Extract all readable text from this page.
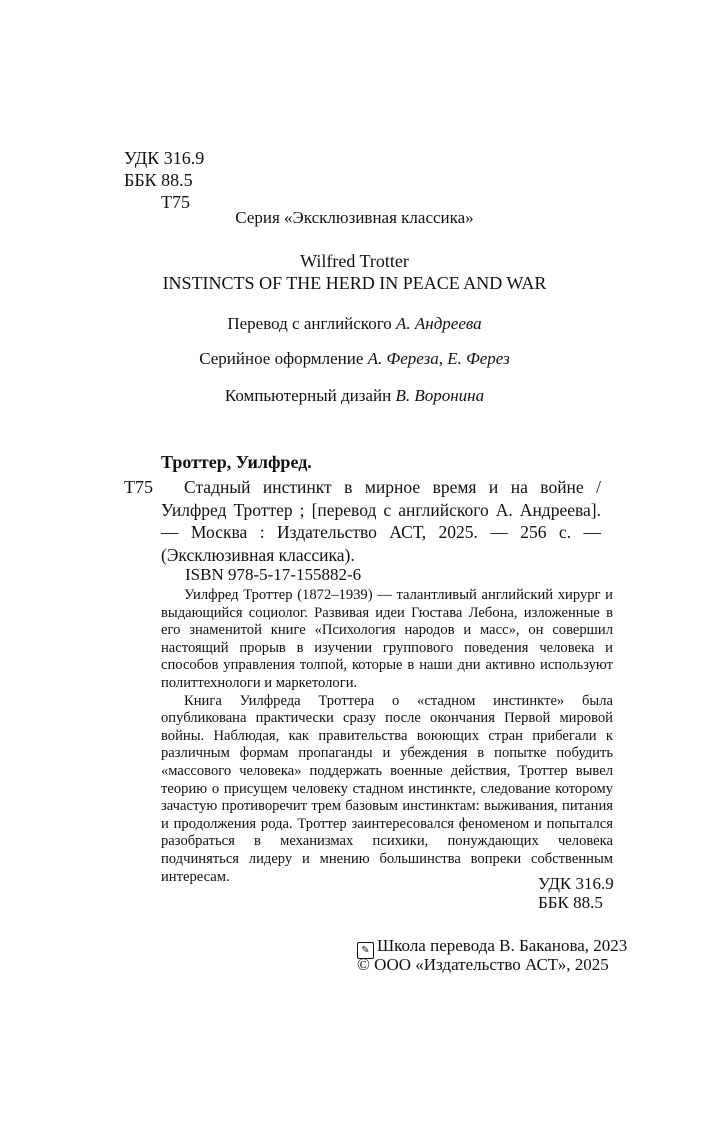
УДК 316.9
ББК 88.5
Т75
Серия «Эксклюзивная классика»
Wilfred Trotter
INSTINCTS OF THE HERD IN PEACE AND WAR
Перевод с английского А. Андреева
Серийное оформление А. Фереза, Е. Ферез
Компьютерный дизайн В. Воронина
Троттер, Уилфред.
Т75	Стадный инстинкт в мирное время и на войне / Уилфред Троттер ; [перевод с английского А. Андреева]. — Москва : Издательство АСТ, 2025. — 256 с. — (Эксклюзивная классика).
ISBN 978-5-17-155882-6

Уилфред Троттер (1872–1939) — талантливый английский хирург и выдающийся социолог. Развивая идеи Гюстава Лебона, изложенные в его знаменитой книге «Психология народов и масс», он совершил настоящий прорыв в изучении группового поведения человека и способов управления толпой, которые в наши дни активно используют политтехнологи и маркетологи.

Книга Уилфреда Троттера о «стадном инстинкте» была опубликована практически сразу после окончания Первой мировой войны. Наблюдая, как правительства воюющих стран прибегали к различным формам пропаганды и убеждения в попытке побудить «массового человека» поддержать военные действия, Троттер вывел теорию о присущем человеку стадном инстинкте, следование которому зачастую противоречит трем базовым инстинктам: выживания, питания и продолжения рода. Троттер заинтересовался феноменом и попытался разобраться в механизмах психики, понуждающих человека подчиняться лидеру и мнению большинства вопреки собственным интересам.	УДК 316.9
ББК 88.5
✎ Школа перевода В. Баканова, 2023
© ООО «Издательство АСТ», 2025
